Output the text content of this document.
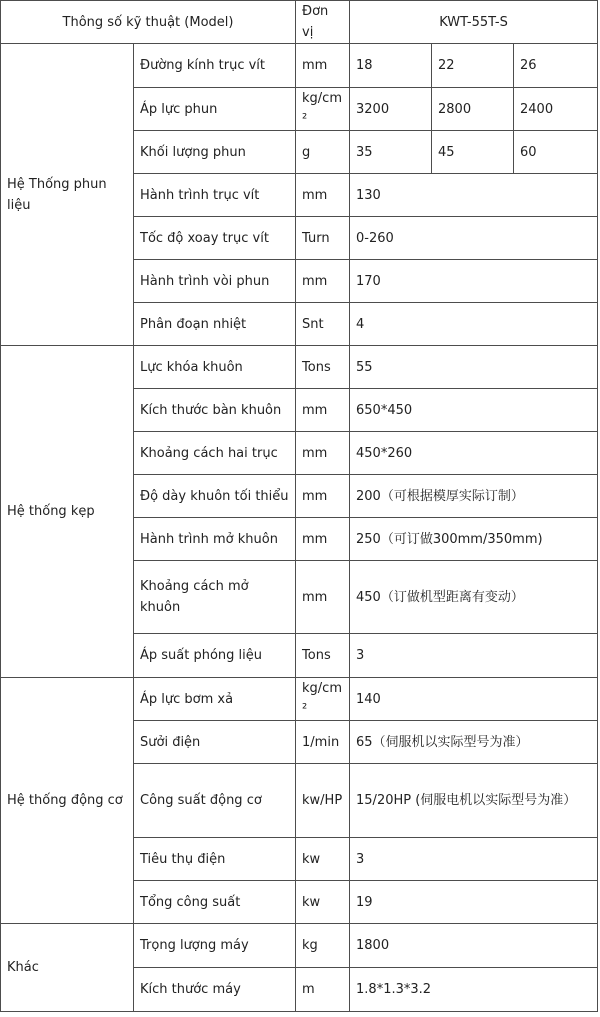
Thông số kỹ thuật (Model)		Đơn vị	KWT-55T-S		
Hệ Thống phun liệu	Đường kính trục vít	mm	18	22	26
	Áp lực phun	kg/cm²	3200	2800	2400
	Khối lượng phun	g	35	45	60
	Hành trình trục vít	mm	130		
	Tốc độ xoay trục vít	Turn	0-260		
	Hành trình vòi phun	mm	170		
	Phân đoạn nhiệt	Snt	4		
Hệ thống kẹp	Lực khóa khuôn	Tons	55		
	Kích thước bàn khuôn	mm	650*450		
	Khoảng cách hai trục	mm	450*260		
	Độ dày khuôn tối thiểu	mm	200（可根据模厚实际订制）		
	Hành trình mở khuôn	mm	250（可订做300mm/350mm)		
	Khoảng cách mở khuôn	mm	450（订做机型距离有变动）		
	Áp suất phóng liệu	Tons	3		
Hệ thống động cơ	Áp lực bơm xả	kg/cm²	140		
	Sưởi điện	1/min	65（伺服机以实际型号为准）		
	Công suất động cơ	kw/HP	15/20HP (伺服电机以实际型号为准）		
	Tiêu thụ điện	kw	3		
	Tổng công suất	kw	19		
Khác	Trọng lượng máy	kg	1800		
	Kích thước máy	m	1.8*1.3*3.2		
